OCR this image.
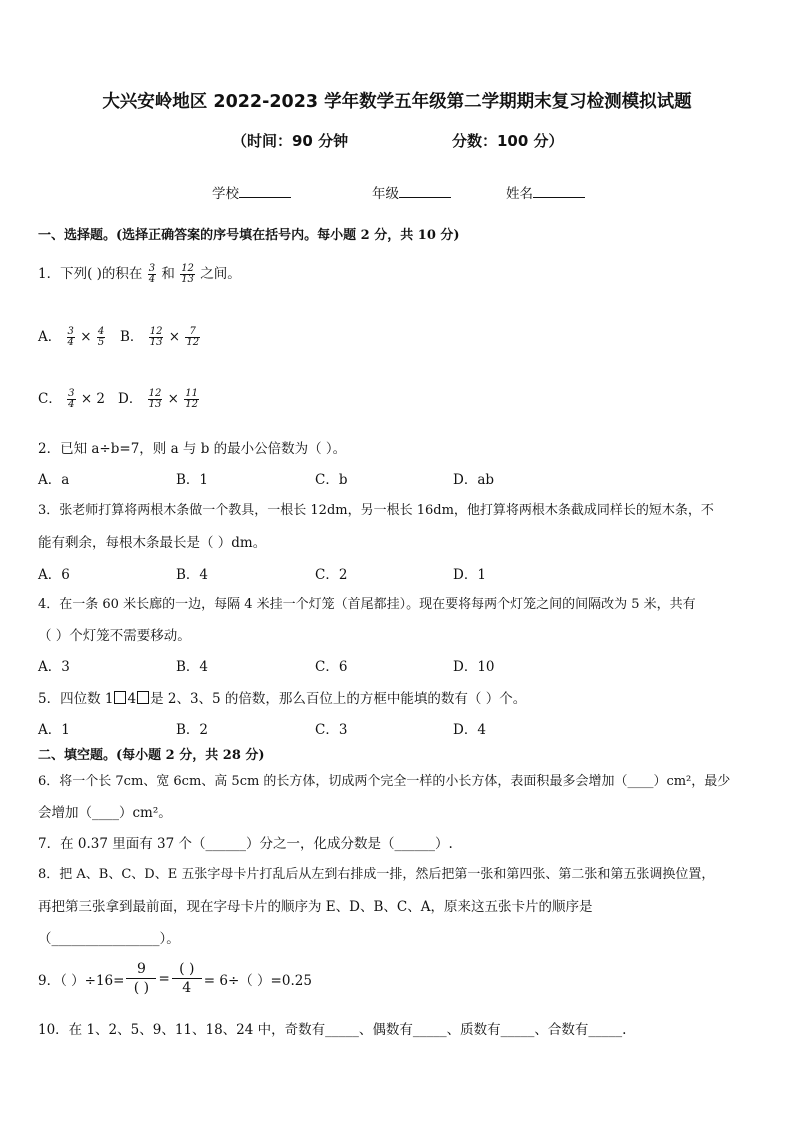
大兴安岭地区 2022-2023 学年数学五年级第二学期期末复习检测模拟试题
（时间：90 分钟	分数：100 分）
学校	年级	姓名
一、选择题。(选择正确答案的序号填在括号内。每小题 2 分，共 10 分)
1．下列( )的积在 $\frac{3}{4}$ 和 $\frac{12}{13}$ 之间。
A． $\frac{3}{4} \times \frac{4}{5}$ B． $\frac{12}{13} \times \frac{7}{12}$
C． $\frac{3}{4} \times 2$ D． $\frac{12}{13} \times \frac{11}{12}$
2．已知 a÷b=7，则 a 与 b 的最小公倍数为（ ）。
A．a	B．1	C．b	D．ab
3．张老师打算将两根木条做一个教具，一根长 12dm，另一根长 16dm，他打算将两根木条截成同样长的短木条，不
能有剩余，每根木条最长是（ ）dm。
A．6	B．4	C．2	D．1
4．在一条 60 米长廊的一边，每隔 4 米挂一个灯笼（首尾都挂）。现在要将每两个灯笼之间的间隔改为 5 米，共有
（ ）个灯笼不需要移动。
A．3	B．4	C．6	D．10
5．四位数 1 4 是 2、3、5 的倍数，那么百位上的方框中能填的数有（ ）个。
A．1	B．2	C．3	D．4
二、填空题。(每小题 2 分，共 28 分)
6．将一个长 7cm、宽 6cm、高 5cm 的长方体，切成两个完全一样的小长方体，表面积最多会增加（____）cm²，最少
会增加（____）cm²。
7．在 0.37 里面有 37 个（______）分之一，化成分数是（______）.
8．把 A、B、C、D、E 五张字母卡片打乱后从左到右排成一排，然后把第一张和第四张、第二张和第五张调换位置，
再把第三张拿到最前面，现在字母卡片的顺序为 E、D、B、C、A，原来这五张卡片的顺序是
（________________）。
9．（ ）$\div 16= \frac{9}{( )} = \frac{( )}{4} = 6\div$（ ）=0.25
10．在 1、2、5、9、11、18、24 中，奇数有_____、偶数有_____、质数有_____、合数有_____.
